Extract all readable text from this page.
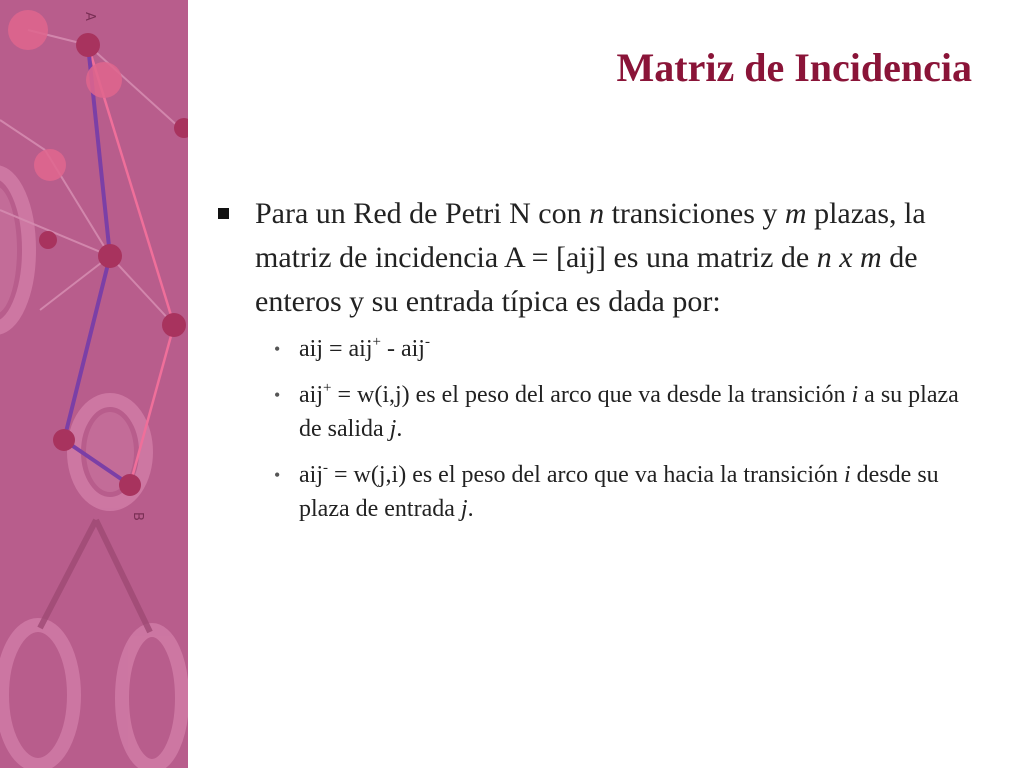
A
B
Matriz de Incidencia
Para un Red de Petri N con n transiciones y m plazas, la matriz de incidencia A = [aij] es una matriz de n x m de enteros y su entrada típica es dada por:
• aij = aij+ - aij-
• aij+ = w(i,j) es el peso del arco que va desde la transición i a su plaza de salida j.
• aij- = w(j,i) es el peso del arco que va hacia la transición i desde su plaza de entrada j.
